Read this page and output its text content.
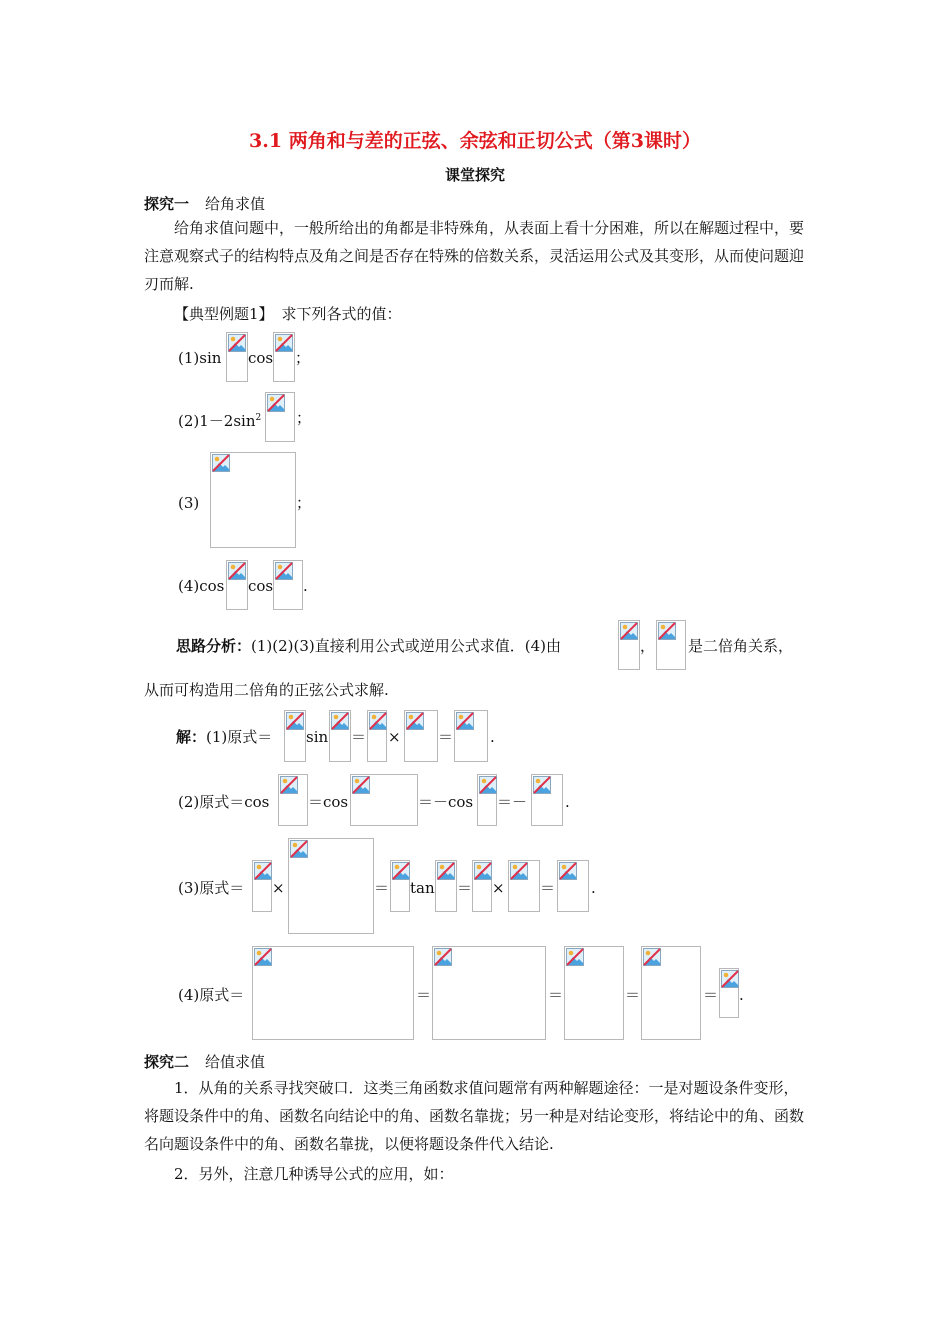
3.1 两角和与差的正弦、余弦和正切公式（第3课时）
课堂探究
探究一 给角求值
给角求值问题中，一般所给出的角都是非特殊角，从表面上看十分困难，所以在解题过程中，要注意观察式子的结构特点及角之间是否存在特殊的倍数关系，灵活运用公式及其变形，从而使问题迎刃而解.
【典型例题1】 求下列各式的值：
(1)sin cos ；
$(2)1-2\sin^2$ ；
(3)	；
(4)cos cos .
思路分析：(1)(2)(3)直接利用公式或逆用公式求值．(4)由	， 是二倍角关系，
从而可构造用二倍角的正弦公式求解.
解：(1)原式＝ sin ＝ × ＝ .
(2)原式＝cos	＝cos	＝－cos ＝－	.
(3)原式＝ ×	＝ tan ＝ × ＝ .
(4)原式＝	＝	＝	＝	＝ .
探究二 给值求值
1．从角的关系寻找突破口．这类三角函数求值问题常有两种解题途径：一是对题设条件变形，将题设条件中的角、函数名向结论中的角、函数名靠拢；另一种是对结论变形，将结论中的角、函数名向题设条件中的角、函数名靠拢，以便将题设条件代入结论.
2．另外，注意几种诱导公式的应用，如：
